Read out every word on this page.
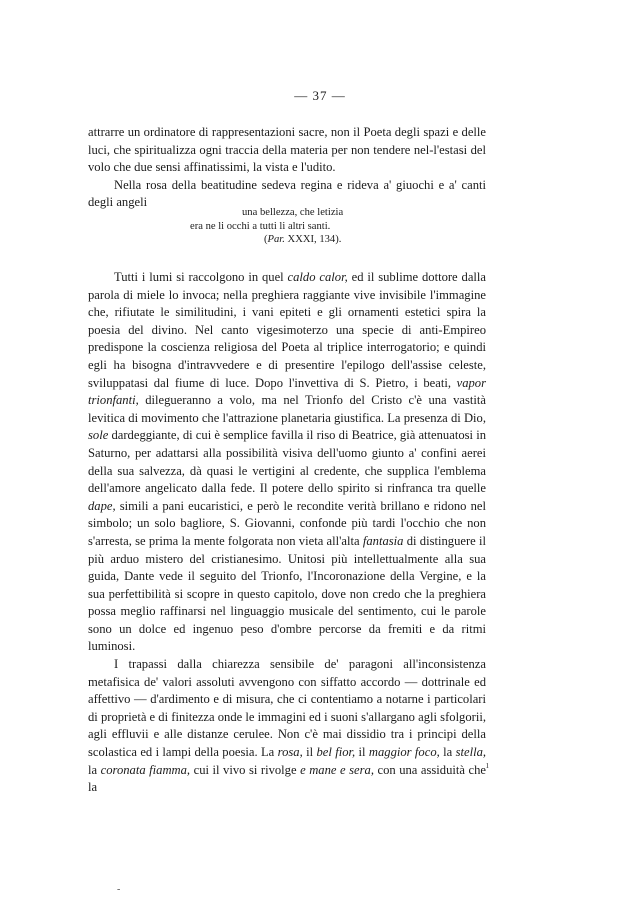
— 37 —

attrarre un ordinatore di rappresentazioni sacre, non il Poeta degli spazi e delle luci, che spiritualizza ogni traccia della materia per non tendere nel-l'estasi del volo che due sensi affinatissimi, la vista e l'udito.

Nella rosa della beatitudine sedeva regina e rideva a' giuochi e a' canti degli angeli

una bellezza, che letizia
era ne li occhi a tutti li altri santi.
(Par. XXXI, 134).

Tutti i lumi si raccolgono in quel caldo calor, ed il sublime dottore dalla parola di miele lo invoca; nella preghiera raggiante vive invisibile l'immagine che, rifiutate le similitudini, i vani epiteti e gli ornamenti estetici spira la poesia del divino. Nel canto vigesimoterzo una specie di anti-Empireo predispone la coscienza religiosa del Poeta al triplice interrogatorio; e quindi egli ha bisogna d'intravvedere e di presentire l'epilogo dell'assise celeste, sviluppatasi dal fiume di luce. Dopo l'invettiva di S. Pietro, i beati, vapor trionfanti, dilegueranno a volo, ma nel Trionfo del Cristo c'è una vastità levitica di movimento che l'attrazione planetaria giustifica. La presenza di Dio, sole dardeggiante, di cui è semplice favilla il riso di Beatrice, già attenuatosi in Saturno, per adattarsi alla possibilità visiva dell'uomo giunto a' confini aerei della sua salvezza, dà quasi le vertigini al credente, che supplica l'emblema dell'amore angelicato dalla fede. Il potere dello spirito si rinfranca tra quelle dape, simili a pani eucaristici, e però le recondite verità brillano e ridono nel simbolo; un solo bagliore, S. Giovanni, confonde più tardi l'occhio che non s'arresta, se prima la mente folgorata non vieta all'alta fantasia di distinguere il più arduo mistero del cristianesimo. Unitosi più intellettualmente alla sua guida, Dante vede il seguito del Trionfo, l'Incoronazione della Vergine, e la sua perfettibilità si scopre in questo capitolo, dove non credo che la preghiera possa meglio raffinarsi nel linguaggio musicale del sentimento, cui le parole sono un dolce ed ingenuo peso d'ombre percorse da fremiti e da ritmi luminosi.

I trapassi dalla chiarezza sensibile de' paragoni all'inconsistenza metafisica de' valori assoluti avvengono con siffatto accordo — dottrinale ed affettivo — d'ardimento e di misura, che ci contentiamo a notarne i particolari di proprietà e di finitezza onde le immagini ed i suoni s'allargano agli sfolgorii, agli effluvii e alle distanze cerulee. Non c'è mai dissidio tra i principi della scolastica ed i lampi della poesia. La rosa, il bel fior, il maggior foco, la stella, la coronata fiamma, cui il vivo si rivolge e mane e sera, con una assiduità che la

ı
-
